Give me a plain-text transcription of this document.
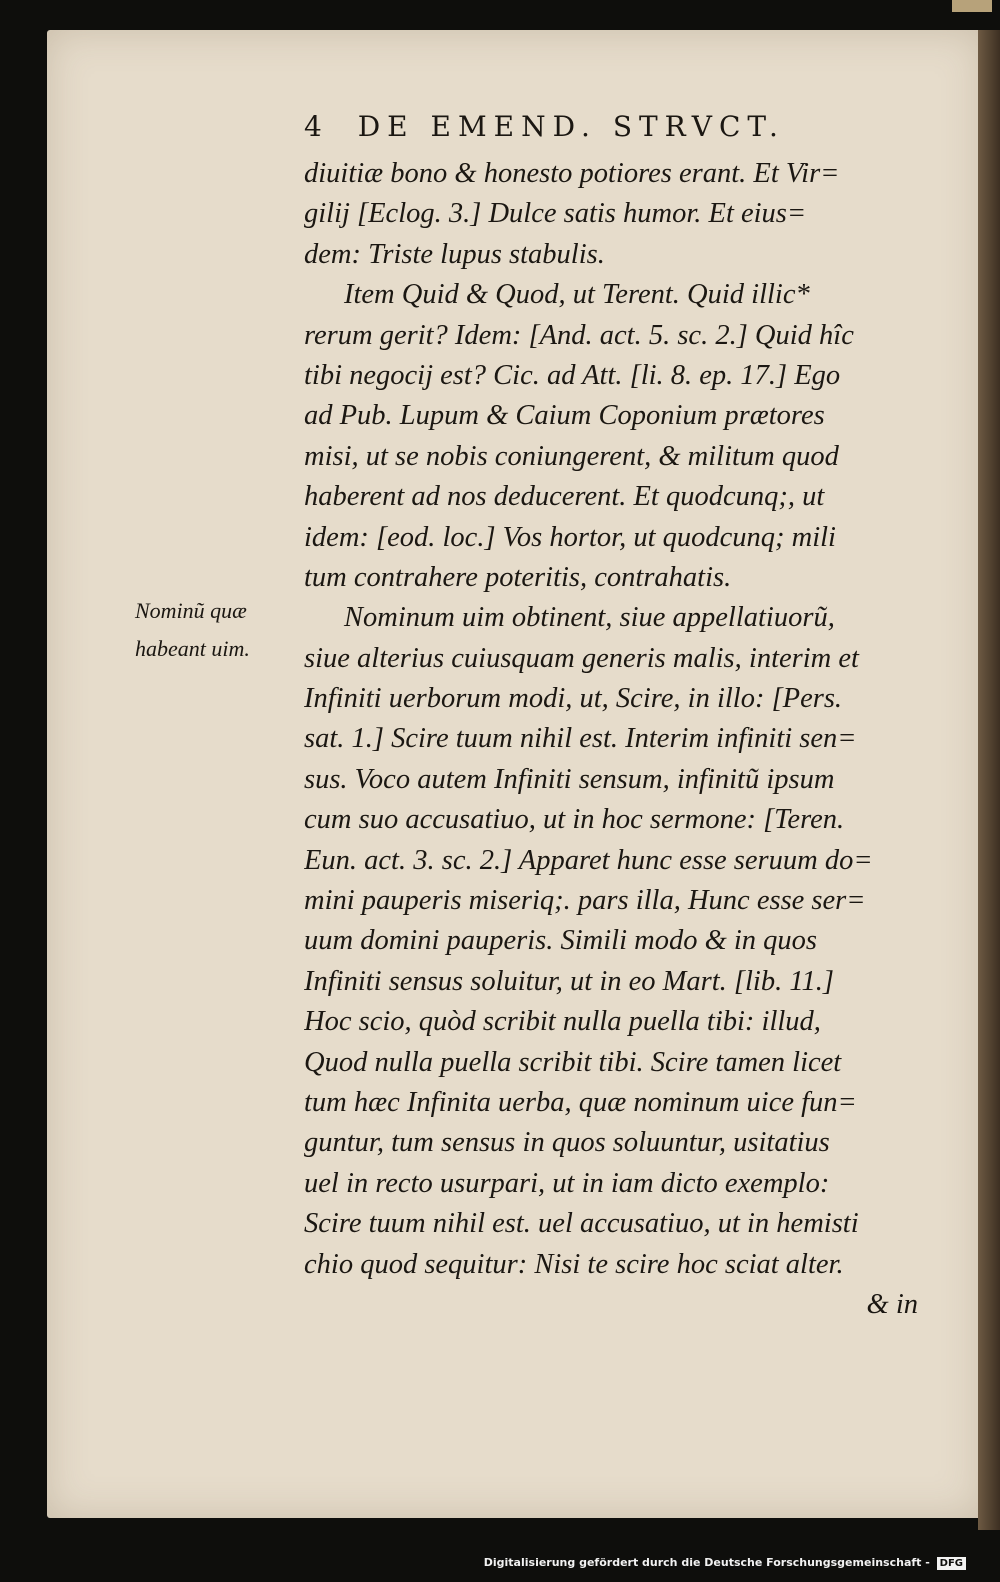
4 DE EMEND. STRVCT.
Nominũ quæ
habeant uim.
diuitiæ bono & honesto potiores erant. Et Vir=
gilij [Eclog. 3.] Dulce satis humor. Et eius=
dem: Triste lupus stabulis.
Item Quid & Quod, ut Terent. Quid illic*
rerum gerit? Idem: [And. act. 5. sc. 2.] Quid hîc
tibi negocij est? Cic. ad Att. [li. 8. ep. 17.] Ego
ad Pub. Lupum & Caium Coponium prætores
misi, ut se nobis coniungerent, & militum quod
haberent ad nos deducerent. Et quodcunq;, ut
idem: [eod. loc.] Vos hortor, ut quodcunq; mili
tum contrahere poteritis, contrahatis.
Nominum uim obtinent, siue appellatiuorũ,
siue alterius cuiusquam generis malis, interim et
Infiniti uerborum modi, ut, Scire, in illo: [Pers.
sat. 1.] Scire tuum nihil est. Interim infiniti sen=
sus. Voco autem Infiniti sensum, infinitũ ipsum
cum suo accusatiuo, ut in hoc sermone: [Teren.
Eun. act. 3. sc. 2.] Apparet hunc esse seruum do=
mini pauperis miseriq;. pars illa, Hunc esse ser=
uum domini pauperis. Simili modo & in quos
Infiniti sensus soluitur, ut in eo Mart. [lib. 11.]
Hoc scio, quòd scribit nulla puella tibi: illud,
Quod nulla puella scribit tibi. Scire tamen licet
tum hæc Infinita uerba, quæ nominum uice fun=
guntur, tum sensus in quos soluuntur, usitatius
uel in recto usurpari, ut in iam dicto exemplo:
Scire tuum nihil est. uel accusatiuo, ut in hemisti
chio quod sequitur: Nisi te scire hoc sciat alter.
& in
Digitalisierung gefördert durch die Deutsche Forschungsgemeinschaft - DFG
